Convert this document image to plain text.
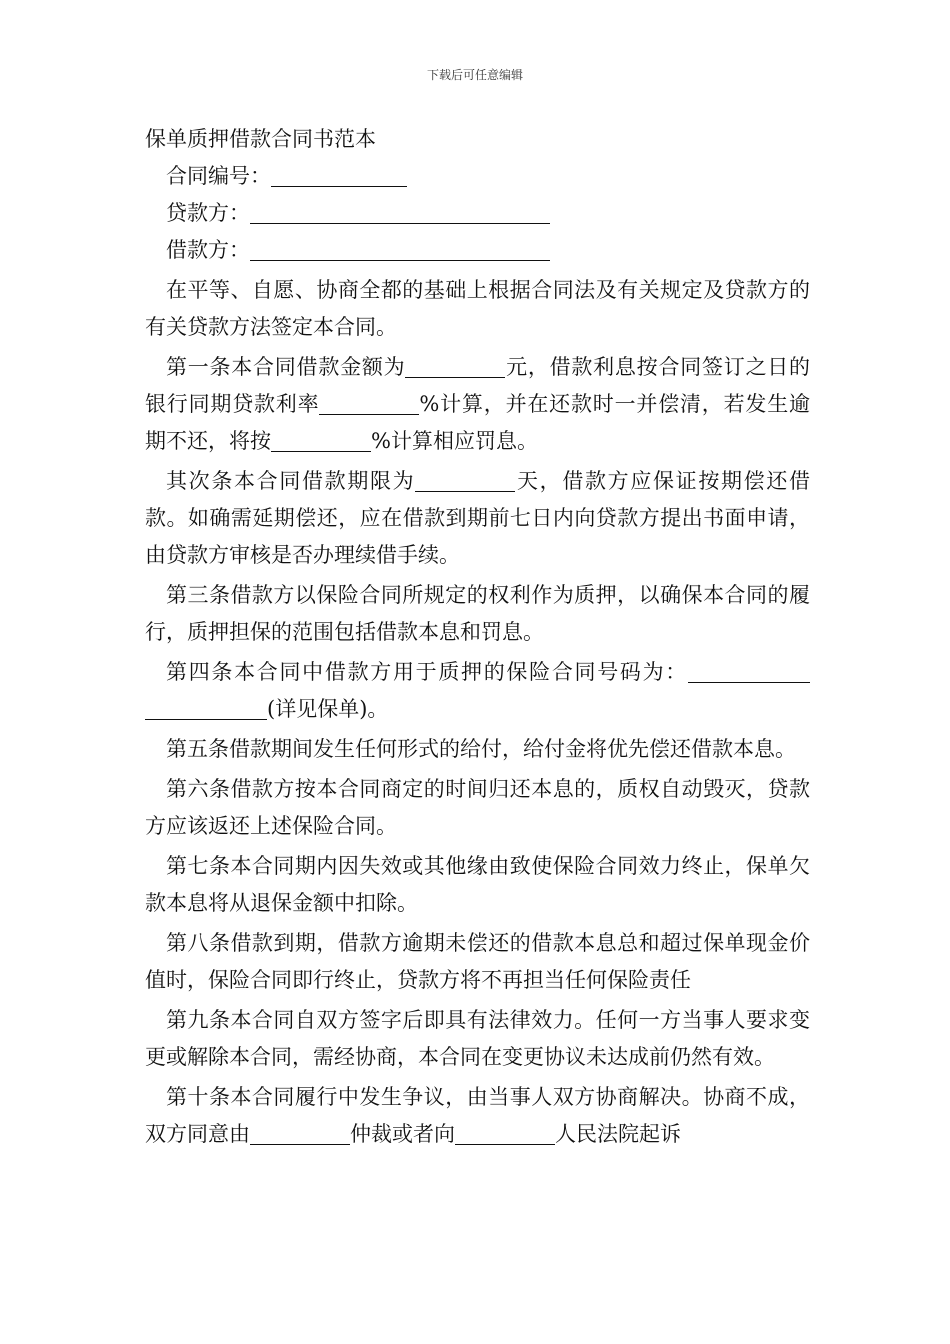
下载后可任意编辑
保单质押借款合同书范本
合同编号：
贷款方：
借款方：

在平等、自愿、协商全都的基础上根据合同法及有关规定及贷款方的有关贷款方法签定本合同。

第一条本合同借款金额为	元，借款利息按合同签订之日的银行同期贷款利率	%计算，并在还款时一并偿清，若发生逾期不还，将按	%计算相应罚息。

其次条本合同借款期限为	天，借款方应保证按期偿还借款。如确需延期偿还，应在借款到期前七日内向贷款方提出书面申请，由贷款方审核是否办理续借手续。

第三条借款方以保险合同所规定的权利作为质押，以确保本合同的履行，质押担保的范围包括借款本息和罚息。

第四条本合同中借款方用于质押的保险合同号码为：(详见保单)。

第五条借款期间发生任何形式的给付，给付金将优先偿还借款本息。

第六条借款方按本合同商定的时间归还本息的，质权自动毁灭，贷款方应该返还上述保险合同。

第七条本合同期内因失效或其他缘由致使保险合同效力终止，保单欠款本息将从退保金额中扣除。

第八条借款到期，借款方逾期未偿还的借款本息总和超过保单现金价值时，保险合同即行终止，贷款方将不再担当任何保险责任

第九条本合同自双方签字后即具有法律效力。任何一方当事人要求变更或解除本合同，需经协商，本合同在变更协议未达成前仍然有效。

第十条本合同履行中发生争议，由当事人双方协商解决。协商不成，双方同意由	仲裁或者向	人民法院起诉
